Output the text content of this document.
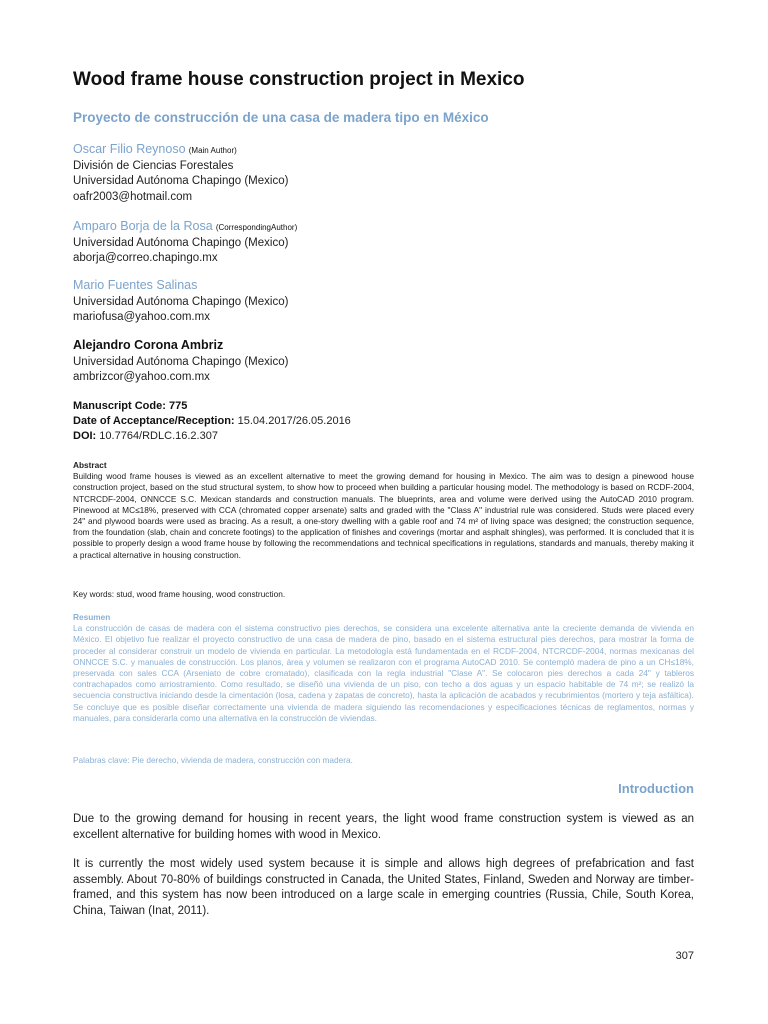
Wood frame house construction project in Mexico
Proyecto de construcción de una casa de madera tipo en México
Oscar Filio Reynoso (Main Author)
División de Ciencias Forestales
Universidad Autónoma Chapingo (Mexico)
oafr2003@hotmail.com
Amparo Borja de la Rosa (CorrespondingAuthor)
Universidad Autónoma Chapingo (Mexico)
aborja@correo.chapingo.mx
Mario Fuentes Salinas
Universidad Autónoma Chapingo (Mexico)
mariofusa@yahoo.com.mx
Alejandro Corona Ambriz
Universidad Autónoma Chapingo (Mexico)
ambrizcor@yahoo.com.mx
Manuscript Code: 775
Date of Acceptance/Reception: 15.04.2017/26.05.2016
DOI: 10.7764/RDLC.16.2.307
Abstract

Building wood frame houses is viewed as an excellent alternative to meet the growing demand for housing in Mexico. The aim was to design a pinewood house construction project, based on the stud structural system, to show how to proceed when building a particular housing model. The methodology is based on RCDF-2004, NTCRCDF-2004, ONNCCE S.C. Mexican standards and construction manuals. The blueprints, area and volume were derived using the AutoCAD 2010 program. Pinewood at MC≤18%, preserved with CCA (chromated copper arsenate) salts and graded with the "Class A" industrial rule was considered. Studs were placed every 24" and plywood boards were used as bracing. As a result, a one-story dwelling with a gable roof and 74 m² of living space was designed; the construction sequence, from the foundation (slab, chain and concrete footings) to the application of finishes and coverings (mortar and asphalt shingles), was performed. It is concluded that it is possible to properly design a wood frame house by following the recommendations and technical specifications in regulations, standards and manuals, thereby making it a practical alternative in housing construction.

Key words: stud, wood frame housing, wood construction.
Resumen

La construcción de casas de madera con el sistema constructivo pies derechos, se considera una excelente alternativa ante la creciente demanda de vivienda en México. El objetivo fue realizar el proyecto constructivo de una casa de madera de pino, basado en el sistema estructural pies derechos, para mostrar la forma de proceder al considerar construir un modelo de vivienda en particular. La metodología está fundamentada en el RCDF-2004, NTCRCDF-2004, normas mexicanas del ONNCCE S.C. y manuales de construcción. Los planos, área y volumen se realizaron con el programa AutoCAD 2010. Se contempló madera de pino a un CH≤18%, preservada con sales CCA (Arseniato de cobre cromatado), clasificada con la regla industrial "Clase A". Se colocaron pies derechos a cada 24" y tableros contrachapados como arriostramiento. Como resultado, se diseñó una vivienda de un piso, con techo a dos aguas y un espacio habitable de 74 m²; se realizó la secuencia constructiva iniciando desde la cimentación (losa, cadena y zapatas de concreto), hasta la aplicación de acabados y recubrimientos (mortero y teja asfáltica). Se concluye que es posible diseñar correctamente una vivienda de madera siguiendo las recomendaciones y especificaciones técnicas de reglamentos, normas y manuales, para considerarla como una alternativa en la construcción de viviendas.

Palabras clave: Pie derecho, vivienda de madera, construcción con madera.
Introduction

Due to the growing demand for housing in recent years, the light wood frame construction system is viewed as an excellent alternative for building homes with wood in Mexico.

It is currently the most widely used system because it is simple and allows high degrees of prefabrication and fast assembly. About 70-80% of buildings constructed in Canada, the United States, Finland, Sweden and Norway are timber-framed, and this system has now been introduced on a large scale in emerging countries (Russia, Chile, South Korea, China, Taiwan (Inat, 2011).

307
